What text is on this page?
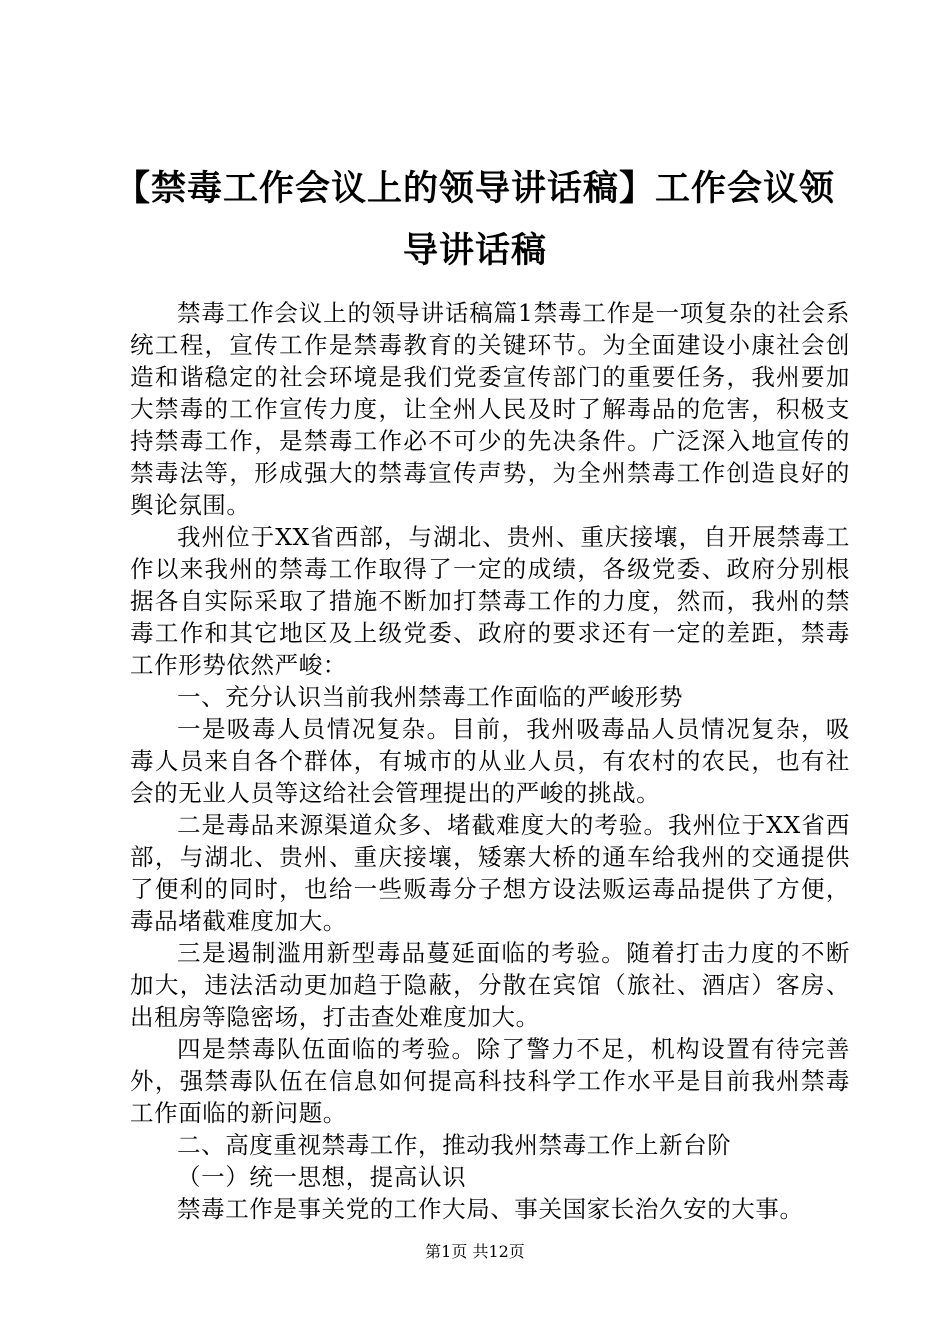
【禁毒工作会议上的领导讲话稿】工作会议领导讲话稿

禁毒工作会议上的领导讲话稿篇1禁毒工作是一项复杂的社会系统工程，宣传工作是禁毒教育的关键环节。为全面建设小康社会创造和谐稳定的社会环境是我们党委宣传部门的重要任务，我州要加大禁毒的工作宣传力度，让全州人民及时了解毒品的危害，积极支持禁毒工作，是禁毒工作必不可少的先决条件。广泛深入地宣传的禁毒法等，形成强大的禁毒宣传声势，为全州禁毒工作创造良好的舆论氛围。

我州位于XX省西部，与湖北、贵州、重庆接壤，自开展禁毒工作以来我州的禁毒工作取得了一定的成绩，各级党委、政府分别根据各自实际采取了措施不断加打禁毒工作的力度，然而，我州的禁毒工作和其它地区及上级党委、政府的要求还有一定的差距，禁毒工作形势依然严峻：

一、充分认识当前我州禁毒工作面临的严峻形势

一是吸毒人员情况复杂。目前，我州吸毒品人员情况复杂，吸毒人员来自各个群体，有城市的从业人员，有农村的农民，也有社会的无业人员等这给社会管理提出的严峻的挑战。

二是毒品来源渠道众多、堵截难度大的考验。我州位于XX省西部，与湖北、贵州、重庆接壤，矮寨大桥的通车给我州的交通提供了便利的同时，也给一些贩毒分子想方设法贩运毒品提供了方便，毒品堵截难度加大。

三是遏制滥用新型毒品蔓延面临的考验。随着打击力度的不断加大，违法活动更加趋于隐蔽，分散在宾馆（旅社、酒店）客房、出租房等隐密场，打击查处难度加大。

四是禁毒队伍面临的考验。除了警力不足，机构设置有待完善外，强禁毒队伍在信息如何提高科技科学工作水平是目前我州禁毒工作面临的新问题。

二、高度重视禁毒工作，推动我州禁毒工作上新台阶

（一）统一思想，提高认识

禁毒工作是事关党的工作大局、事关国家长治久安的大事。

第1页 共12页
